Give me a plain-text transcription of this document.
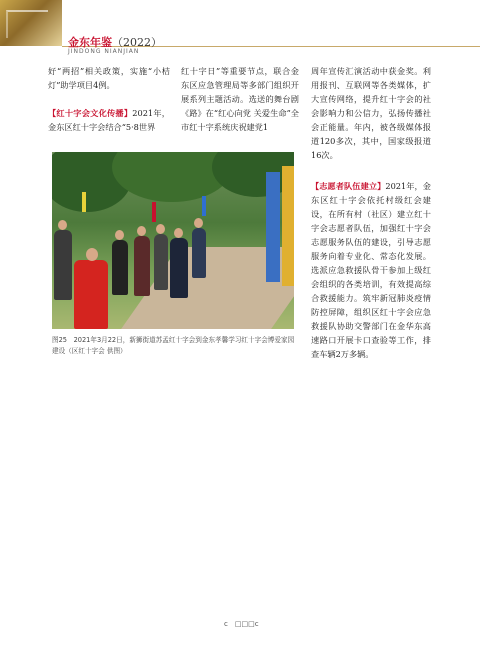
金东年鉴（2022）
JINDONG NIANJIAN

好“两招”相关政策，实施“小桔灯”助学项目4例。

【红十字会文化传播】2021年，金东区红十字会结合“5·8世界

红十字日”等重要节点，联合金东区应急管理局等多部门组织开展系列主题活动。选送的舞台剧《路》在“红心向党 关爱生命”全市红十字系统庆祝建党1

周年宣传汇演活动中获金奖。利用报刊、互联网等各类媒体，扩大宣传网络，提升红十字会的社会影响力和公信力，弘扬传播社会正能量。年内，被各级媒体报道120多次，其中，国家级报道16次。

【志愿者队伍建立】2021年，金东区红十字会依托村级红会建设，在所有村（社区）建立红十字会志愿者队伍，加强红十字会志愿服务队伍的建设，引导志愿服务向着专业化、常态化发展。选派应急救援队骨干参加上级红会组织的各类培训，有效提高综合救援能力。筑牢新冠肺炎疫情防控屏障，组织区红十字会应急救援队协助交警部门在金华东高速路口开展卡口查验等工作，排查车辆2万多辆。

图25　2021年3月22日，新狮街道苏孟红十字会到金东孝馨学习红十字会博爱家园建设（区红十字会 供图）
c　□□□c
